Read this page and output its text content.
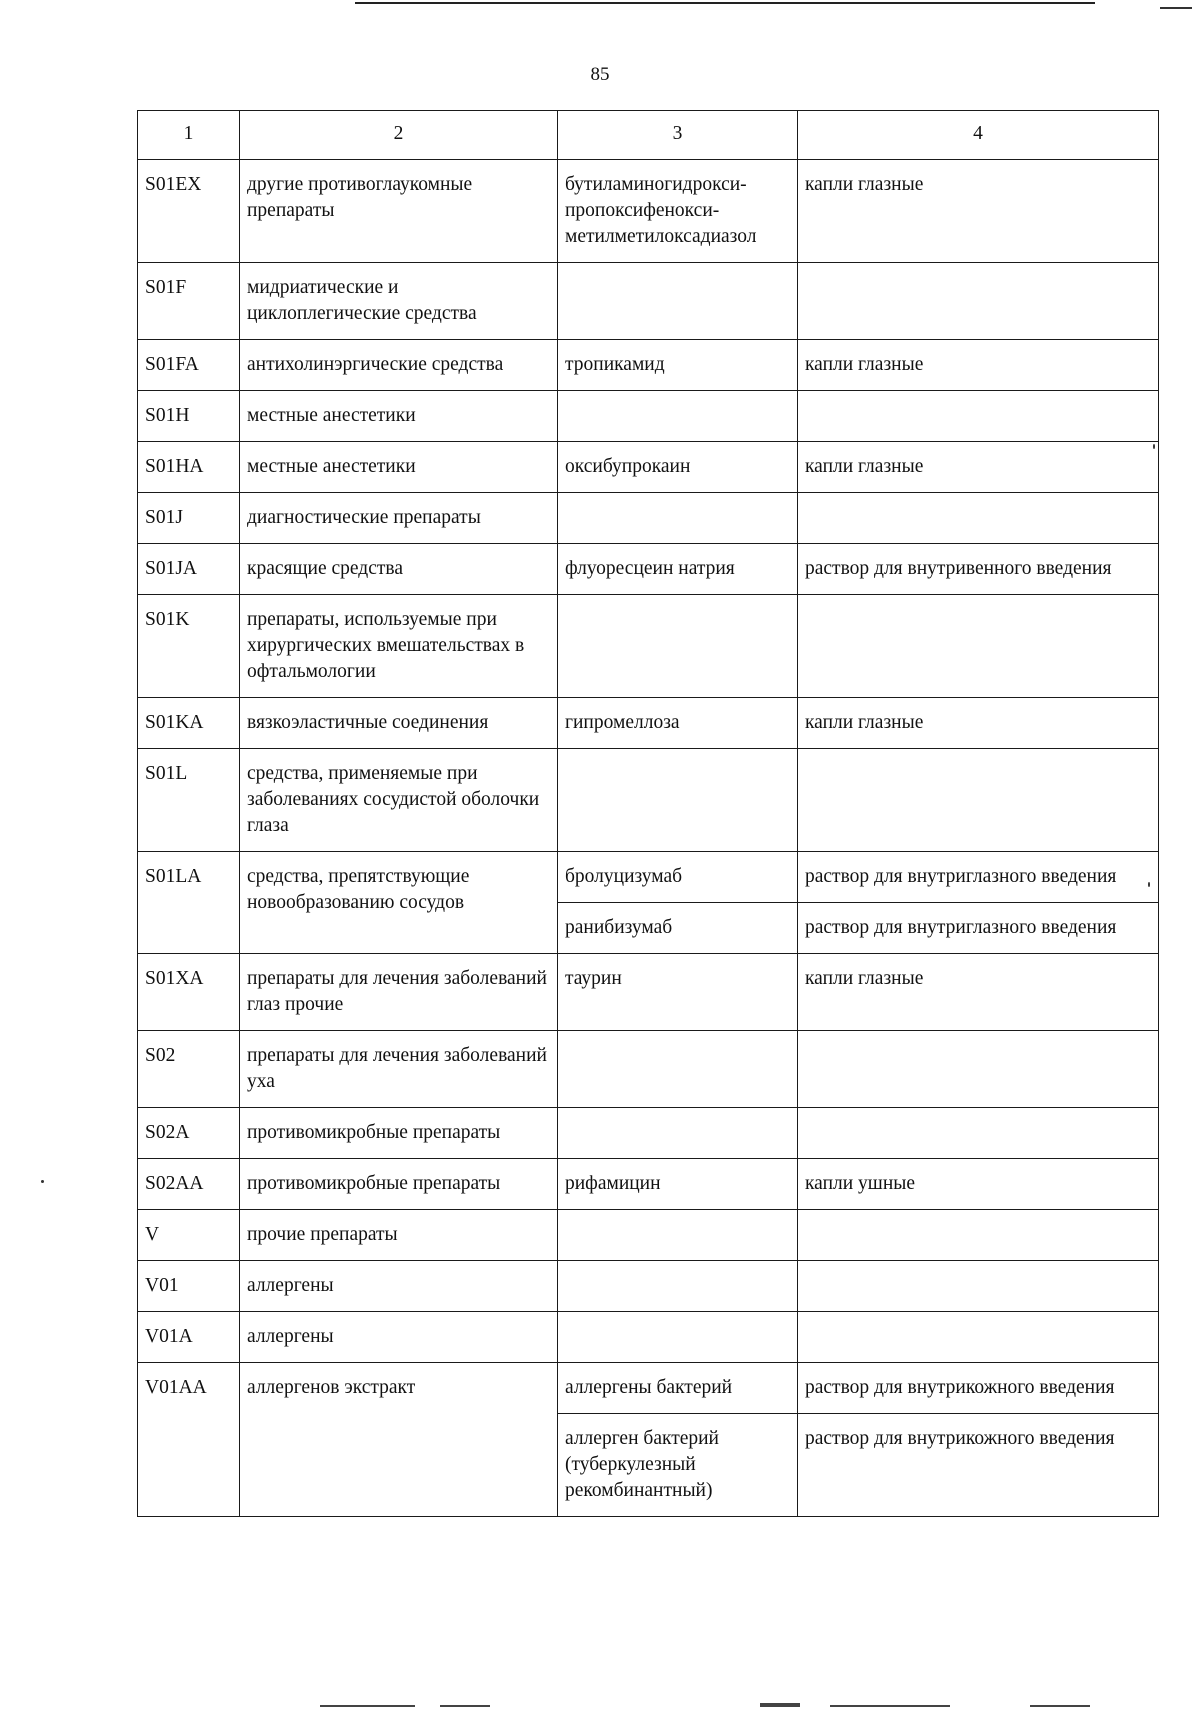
85
1	2	3	4
S01EX	другие противоглаукомные препараты	бутиламиногидрокси-пропоксифенокси-метилметилоксадиазол	капли глазные
S01F	мидриатические и циклоплегические средства		
S01FA	антихолинэргические средства	тропикамид	капли глазные
S01H	местные анестетики		
S01HA	местные анестетики	оксибупрокаин	капли глазные
S01J	диагностические препараты		
S01JA	красящие средства	флуоресцеин натрия	раствор для внутривенного введения
S01K	препараты, используемые при хирургических вмешательствах в офтальмологии		
S01KA	вязкоэластичные соединения	гипромеллоза	капли глазные
S01L	средства, применяемые при заболеваниях сосудистой оболочки глаза		
S01LA	средства, препятствующие новообразованию сосудов	бролуцизумаб	раствор для внутриглазного введения
		ранибизумаб	раствор для внутриглазного введения
S01XA	препараты для лечения заболеваний глаз прочие	таурин	капли глазные
S02	препараты для лечения заболеваний уха		
S02A	противомикробные препараты		
S02AA	противомикробные препараты	рифамицин	капли ушные
V	прочие препараты		
V01	аллергены		
V01A	аллергены		
V01AA	аллергенов экстракт	аллергены бактерий	раствор для внутрикожного введения
		аллерген бактерий (туберкулезный рекомбинантный)	раствор для внутрикожного введения
